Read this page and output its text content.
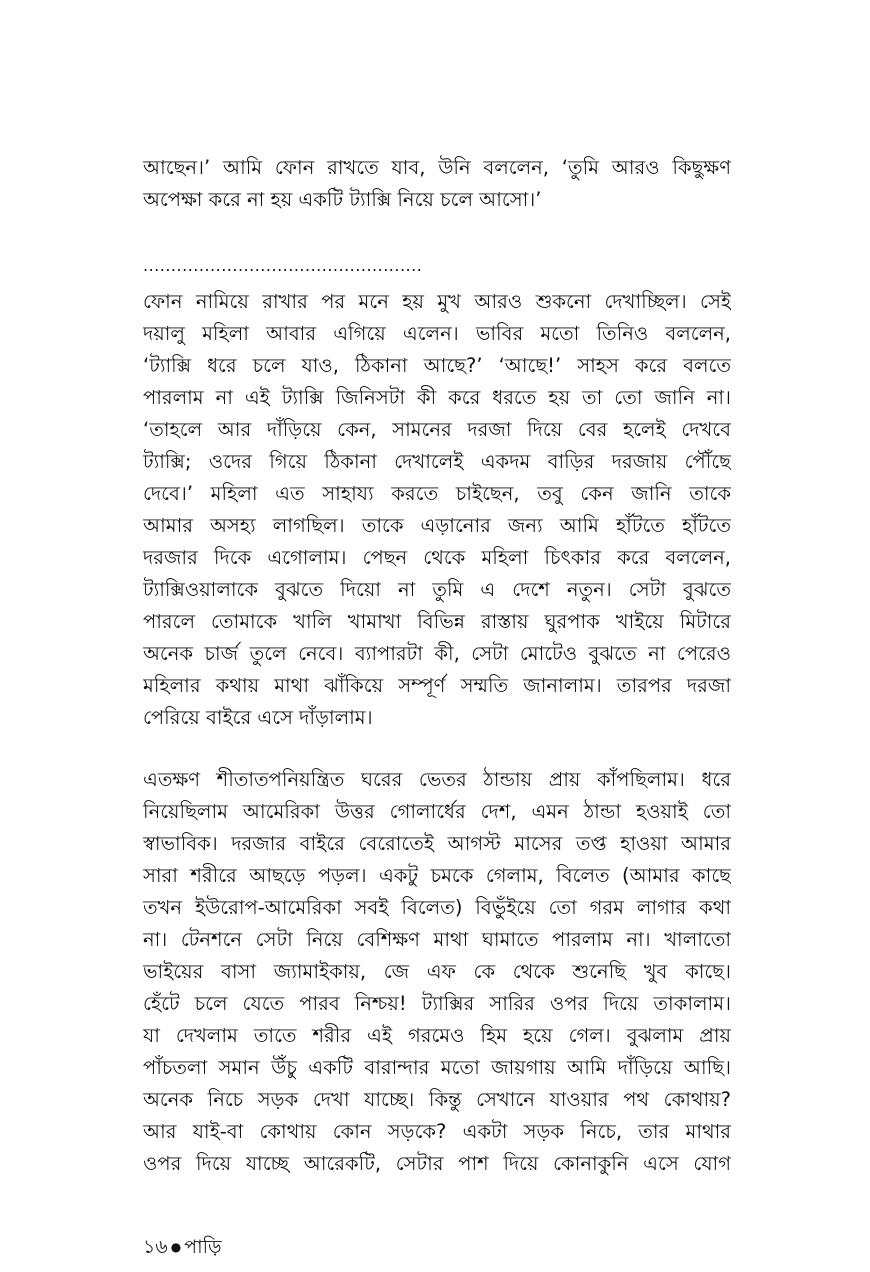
আছেন।’ আমি ফোন রাখতে যাব, উনি বললেন, ‘তুমি আরও কিছুক্ষণ
অপেক্ষা করে না হয় একটি ট্যাক্সি নিয়ে চলে আসো।’
..................................................
ফোন নামিয়ে রাখার পর মনে হয় মুখ আরও শুকনো দেখাচ্ছিল। সেই
দয়ালু মহিলা আবার এগিয়ে এলেন। ভাবির মতো তিনিও বললেন,
‘ট্যাক্সি ধরে চলে যাও, ঠিকানা আছে?’ ‘আছে!’ সাহস করে বলতে
পারলাম না এই ট্যাক্সি জিনিসটা কী করে ধরতে হয় তা তো জানি না।
‘তাহলে আর দাঁড়িয়ে কেন, সামনের দরজা দিয়ে বের হলেই দেখবে
ট্যাক্সি; ওদের গিয়ে ঠিকানা দেখালেই একদম বাড়ির দরজায় পৌঁছে
দেবে।’ মহিলা এত সাহায্য করতে চাইছেন, তবু কেন জানি তাকে
আমার অসহ্য লাগছিল। তাকে এড়ানোর জন্য আমি হাঁটতে হাঁটতে
দরজার দিকে এগোলাম। পেছন থেকে মহিলা চিৎকার করে বললেন,
ট্যাক্সিওয়ালাকে বুঝতে দিয়ো না তুমি এ দেশে নতুন। সেটা বুঝতে
পারলে তোমাকে খালি খামাখা বিভিন্ন রাস্তায় ঘুরপাক খাইয়ে মিটারে
অনেক চার্জ তুলে নেবে। ব্যাপারটা কী, সেটা মোটেও বুঝতে না পেরেও
মহিলার কথায় মাথা ঝাঁকিয়ে সম্পূর্ণ সম্মতি জানালাম। তারপর দরজা
পেরিয়ে বাইরে এসে দাঁড়ালাম।
এতক্ষণ শীতাতপনিয়ন্ত্রিত ঘরের ভেতর ঠান্ডায় প্রায় কাঁপছিলাম। ধরে
নিয়েছিলাম আমেরিকা উত্তর গোলার্ধের দেশ, এমন ঠান্ডা হওয়াই তো
স্বাভাবিক। দরজার বাইরে বেরোতেই আগস্ট মাসের তপ্ত হাওয়া আমার
সারা শরীরে আছড়ে পড়ল। একটু চমকে গেলাম, বিলেত (আমার কাছে
তখন ইউরোপ-আমেরিকা সবই বিলেত) বিভুঁইয়ে তো গরম লাগার কথা
না। টেনশনে সেটা নিয়ে বেশিক্ষণ মাথা ঘামাতে পারলাম না। খালাতো
ভাইয়ের বাসা জ্যামাইকায়, জে এফ কে থেকে শুনেছি খুব কাছে।
হেঁটে চলে যেতে পারব নিশ্চয়! ট্যাক্সির সারির ওপর দিয়ে তাকালাম।
যা দেখলাম তাতে শরীর এই গরমেও হিম হয়ে গেল। বুঝলাম প্রায়
পাঁচতলা সমান উঁচু একটি বারান্দার মতো জায়গায় আমি দাঁড়িয়ে আছি।
অনেক নিচে সড়ক দেখা যাচ্ছে। কিন্তু সেখানে যাওয়ার পথ কোথায়?
আর যাই-বা কোথায় কোন সড়কে? একটা সড়ক নিচে, তার মাথার
ওপর দিয়ে যাচ্ছে আরেকটি, সেটার পাশ দিয়ে কোনাকুনি এসে যোগ
১৬ ● পাড়ি
